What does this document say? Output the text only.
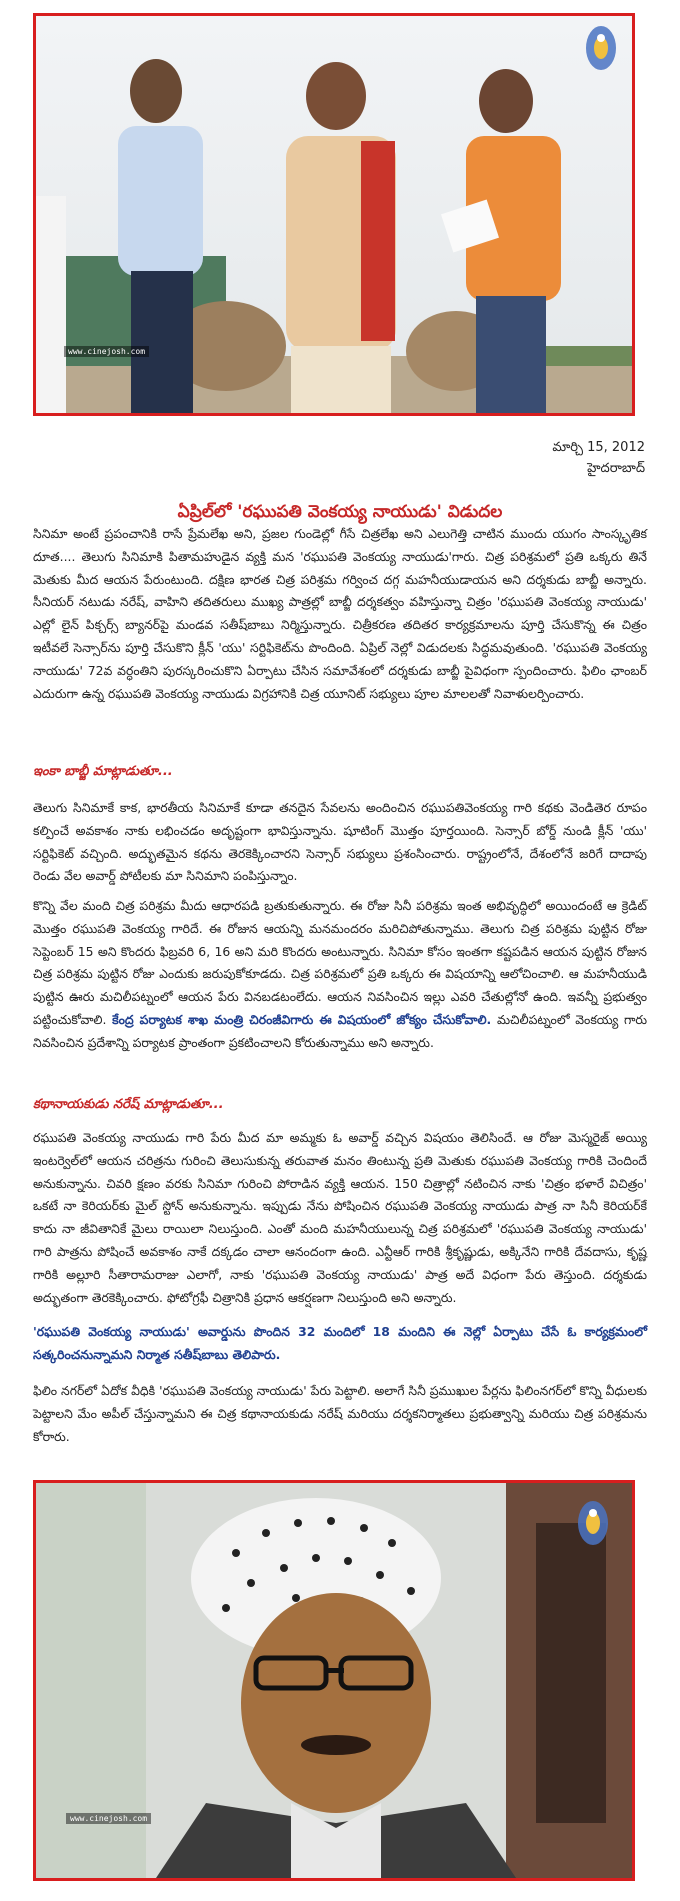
www.cinejosh.com
మార్చి 15, 2012
హైదరాబాద్
ఏప్రిల్‌లో 'రఘుపతి వెంకయ్య నాయుడు' విడుదల

సినిమా అంటే ప్రపంచానికి రాసే ప్రేమలేఖ అని, ప్రజల గుండెల్లో గీసే చిత్రలేఖ అని ఎలుగెత్తి చాటిన ముందు యుగం సాంస్కృతిక దూత.... తెలుగు సినిమాకి పితామహుడైన వ్యక్తి మన 'రఘుపతి వెంకయ్య నాయుడు'గారు. చిత్ర పరిశ్రమలో ప్రతి ఒక్కరు తినే మెతుకు మీద ఆయన పేరుంటుంది. దక్షిణ భారత చిత్ర పరిశ్రమ గర్వించ దగ్గ మహనీయుడాయన అని దర్శకుడు బాబ్జీ అన్నారు. సీనియర్ నటుడు నరేష్, వాహిని తదితరులు ముఖ్య పాత్రల్లో బాబ్జీ దర్శకత్వం వహిస్తున్నా చిత్రం 'రఘుపతి వెంకయ్య నాయుడు' ఎల్లో లైన్ పిక్చర్స్ బ్యానర్‌పై మండవ సతీష్‌బాబు నిర్మిస్తున్నారు. చిత్రీకరణ తదితర కార్యక్రమాలను పూర్తి చేసుకొన్న ఈ చిత్రం ఇటీవలే సెన్సార్‌ను పూర్తి చేసుకొని క్లీన్ 'యు' సర్టిఫికెట్‌ను పొందింది. ఏప్రిల్ నెల్లో విడుదలకు సిద్ధమవుతుంది. 'రఘుపతి వెంకయ్య నాయుడు' 72వ వర్ధంతిని పురస్కరించుకొని ఏర్పాటు చేసిన సమావేశంలో దర్శకుడు బాబ్జీ పైవిధంగా స్పందించారు. ఫిలిం ఛాంబర్ ఎదురుగా ఉన్న రఘుపతి వెంకయ్య నాయుడు విగ్రహానికి చిత్ర యూనిట్ సభ్యులు పూల మాలలతో నివాళులర్పించారు.

ఇంకా బాబ్జీ మాట్లాడుతూ...

తెలుగు సినిమాకే కాక, భారతీయ సినిమాకే కూడా తనదైన సేవలను అందించిన రఘుపతివెంకయ్య గారి కథకు వెండితెర రూపం కల్పించే అవకాశం నాకు లభించడం అదృష్టంగా భావిస్తున్నాను. షూటింగ్ మొత్తం పూర్తయింది. సెన్సార్ బోర్డ్ నుండి క్లీన్ 'యు' సర్టిఫికెట్ వచ్చింది. అద్భుతమైన కథను తెరకెక్కించారని సెన్సార్ సభ్యులు ప్రశంసించారు. రాష్ట్రంలోనే, దేశంలోనే జరిగే దాదాపు రెండు వేల అవార్డ్ పోటీలకు మా సినిమాని పంపిస్తున్నాం.

కొన్ని వేల మంది చిత్ర పరిశ్రమ మీదు ఆధారపడి బ్రతుకుతున్నారు. ఈ రోజు సినీ పరిశ్రమ ఇంత అభివృద్ధిలో అయిందంటే ఆ క్రెడిట్ మొత్తం రఘుపతి వెంకయ్య గారిదే. ఈ రోజున ఆయన్ని మనమందరం మరిచిపోతున్నాము. తెలుగు చిత్ర పరిశ్రమ పుట్టిన రోజు సెప్టెంబర్ 15 అని కొందరు ఫిబ్రవరి 6, 16 అని మరి కొందరు అంటున్నారు. సినిమా కోసం ఇంతగా కష్టపడిన ఆయన పుట్టిన రోజున చిత్ర పరిశ్రమ పుట్టిన రోజు ఎందుకు జరుపుకోకూడదు. చిత్ర పరిశ్రమలో ప్రతి ఒక్కరు ఈ విషయాన్ని ఆలోచించాలి. ఆ మహనీయుడి పుట్టిన ఊరు మచిలీపట్నంలో ఆయన పేరు వినబడటంలేదు. ఆయన నివసించిన ఇల్లు ఎవరి చేతుల్లోనో ఉంది. ఇవన్నీ ప్రభుత్వం పట్టించుకోవాలి. కేంద్ర పర్యాటక శాఖ మంత్రి చిరంజీవిగారు ఈ విషయంలో జోక్యం చేసుకోవాలి. మచిలీపట్నంలో వెంకయ్య గారు నివసించిన ప్రదేశాన్ని పర్యాటక ప్రాంతంగా ప్రకటించాలని కోరుతున్నాము అని అన్నారు.

కథానాయకుడు నరేష్ మాట్లాడుతూ...

రఘుపతి వెంకయ్య నాయుడు గారి పేరు మీద మా అమ్మకు ఓ అవార్డ్ వచ్చిన విషయం తెలిసిందే. ఆ రోజు మెస్మరైజ్ అయ్యి ఇంటర్వెల్‌లో ఆయన చరిత్రను గురించి తెలుసుకున్న తరువాత మనం తింటున్న ప్రతి మెతుకు రఘుపతి వెంకయ్య గారికి చెందిందే అనుకున్నాను. చివరి క్షణం వరకు సినిమా గురించి పోరాడిన వ్యక్తి ఆయన. 150 చిత్రాల్లో నటించిన నాకు 'చిత్రం భళారే విచిత్రం' ఒకటే నా కెరియర్‌కు మైల్ స్టోన్ అనుకున్నాను. ఇప్పుడు నేను పోషించిన రఘుపతి వెంకయ్య నాయుడు పాత్ర నా సినీ కెరియర్‌కే కాదు నా జీవితానికే మైలు రాయిలా నిలుస్తుంది. ఎంతో మంది మహనీయులున్న చిత్ర పరిశ్రమలో 'రఘుపతి వెంకయ్య నాయుడు' గారి పాత్రను పోషించే అవకాశం నాకే దక్కడం చాలా ఆనందంగా ఉంది. ఎన్టీఆర్ గారికి శ్రీకృష్ణుడు, అక్కినేని గారికి దేవదాసు, కృష్ణ గారికి అల్లూరి సీతారామరాజు ఎలాగో, నాకు 'రఘుపతి వెంకయ్య నాయుడు' పాత్ర అదే విధంగా పేరు తెస్తుంది. దర్శకుడు అద్భుతంగా తెరకెక్కించారు. ఫోటోగ్రఫీ చిత్రానికి ప్రధాన ఆకర్షణగా నిలుస్తుంది అని అన్నారు.

'రఘుపతి వెంకయ్య నాయుడు' అవార్డును పొందిన 32 మందిలో 18 మందిని ఈ నెల్లో ఏర్పాటు చేసే ఓ కార్యక్రమంలో సత్కరించనున్నామని నిర్మాత సతీష్‌బాబు తెలిపారు.

ఫిలిం నగర్‌లో ఏదోక వీధికి 'రఘుపతి వెంకయ్య నాయుడు' పేరు పెట్టాలి. అలాగే సినీ ప్రముఖుల పేర్లను ఫిలింనగర్‌లో కొన్ని వీధులకు పెట్టాలని మేం అపీల్ చేస్తున్నామని ఈ చిత్ర కథానాయకుడు నరేష్ మరియు దర్శకనిర్మాతలు ప్రభుత్వాన్ని మరియు చిత్ర పరిశ్రమను కోరారు.

www.cinejosh.com
